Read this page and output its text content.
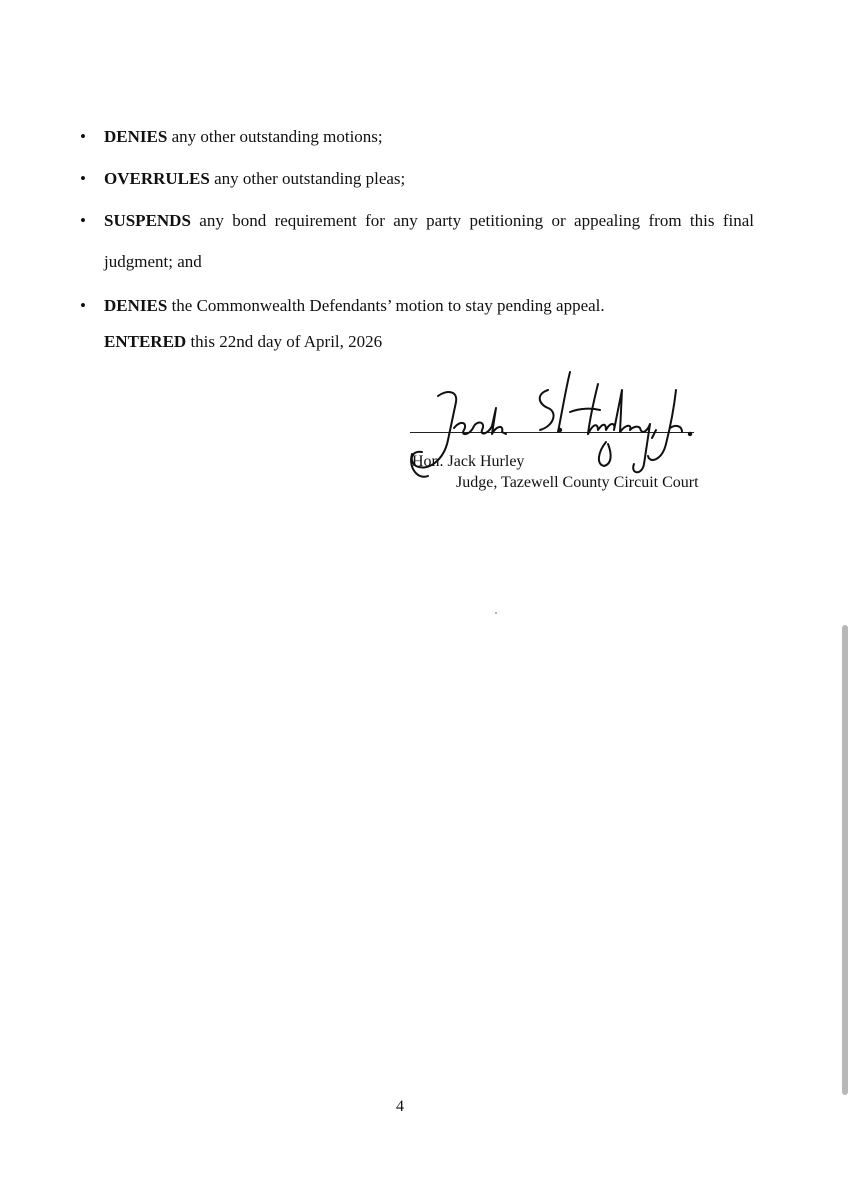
• DENIES any other outstanding motions;
• OVERRULES any other outstanding pleas;
• SUSPENDS any bond requirement for any party petitioning or appealing from this final judgment; and
• DENIES the Commonwealth Defendants’ motion to stay pending appeal.
ENTERED this 22nd day of April, 2026
Hon. Jack Hurley
Judge, Tazewell County Circuit Court
4
